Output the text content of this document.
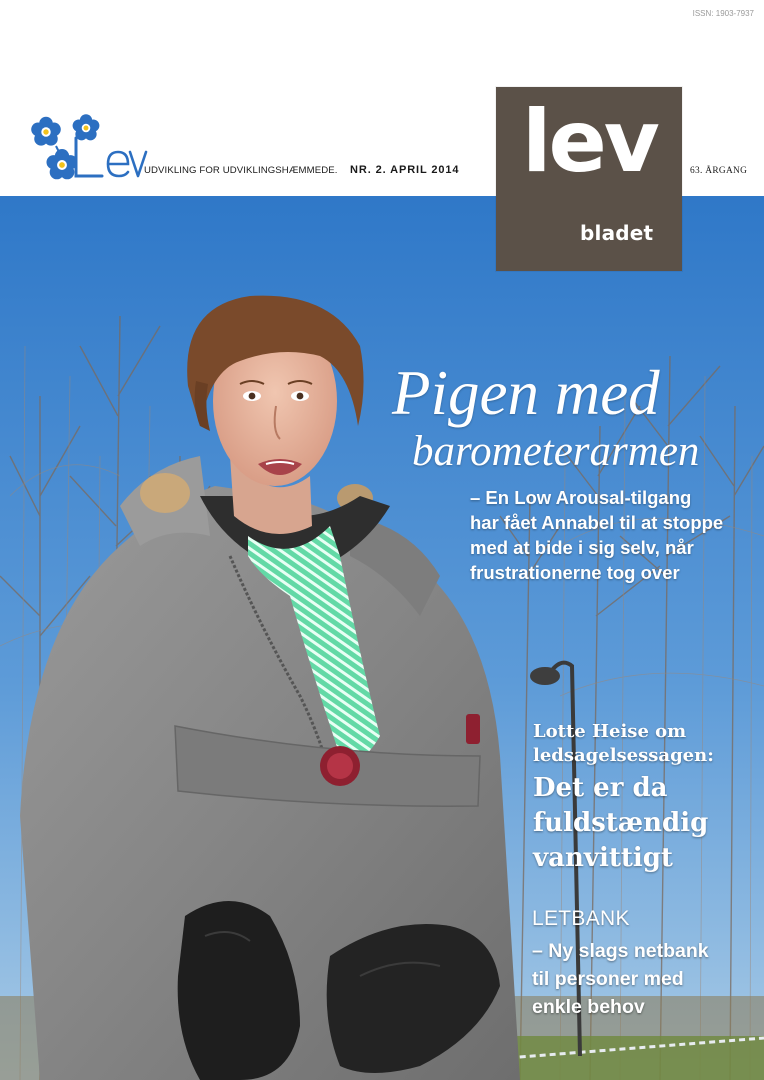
ISSN: 1903-7937
UDVIKLING FOR UDVIKLINGSHÆMMEDE. NR. 2. APRIL 2014	63. ÅRGANG
lev
bladet
Pigen med
barometerarmen
– En Low Arousal-tilgang
har fået Annabel til at stoppe
med at bide i sig selv, når
frustrationerne tog over
Lotte Heise om
ledsagelsessagen:
Det er da
fuldstændig
vanvittigt
LETBANK
– Ny slags netbank
til personer med
enkle behov
